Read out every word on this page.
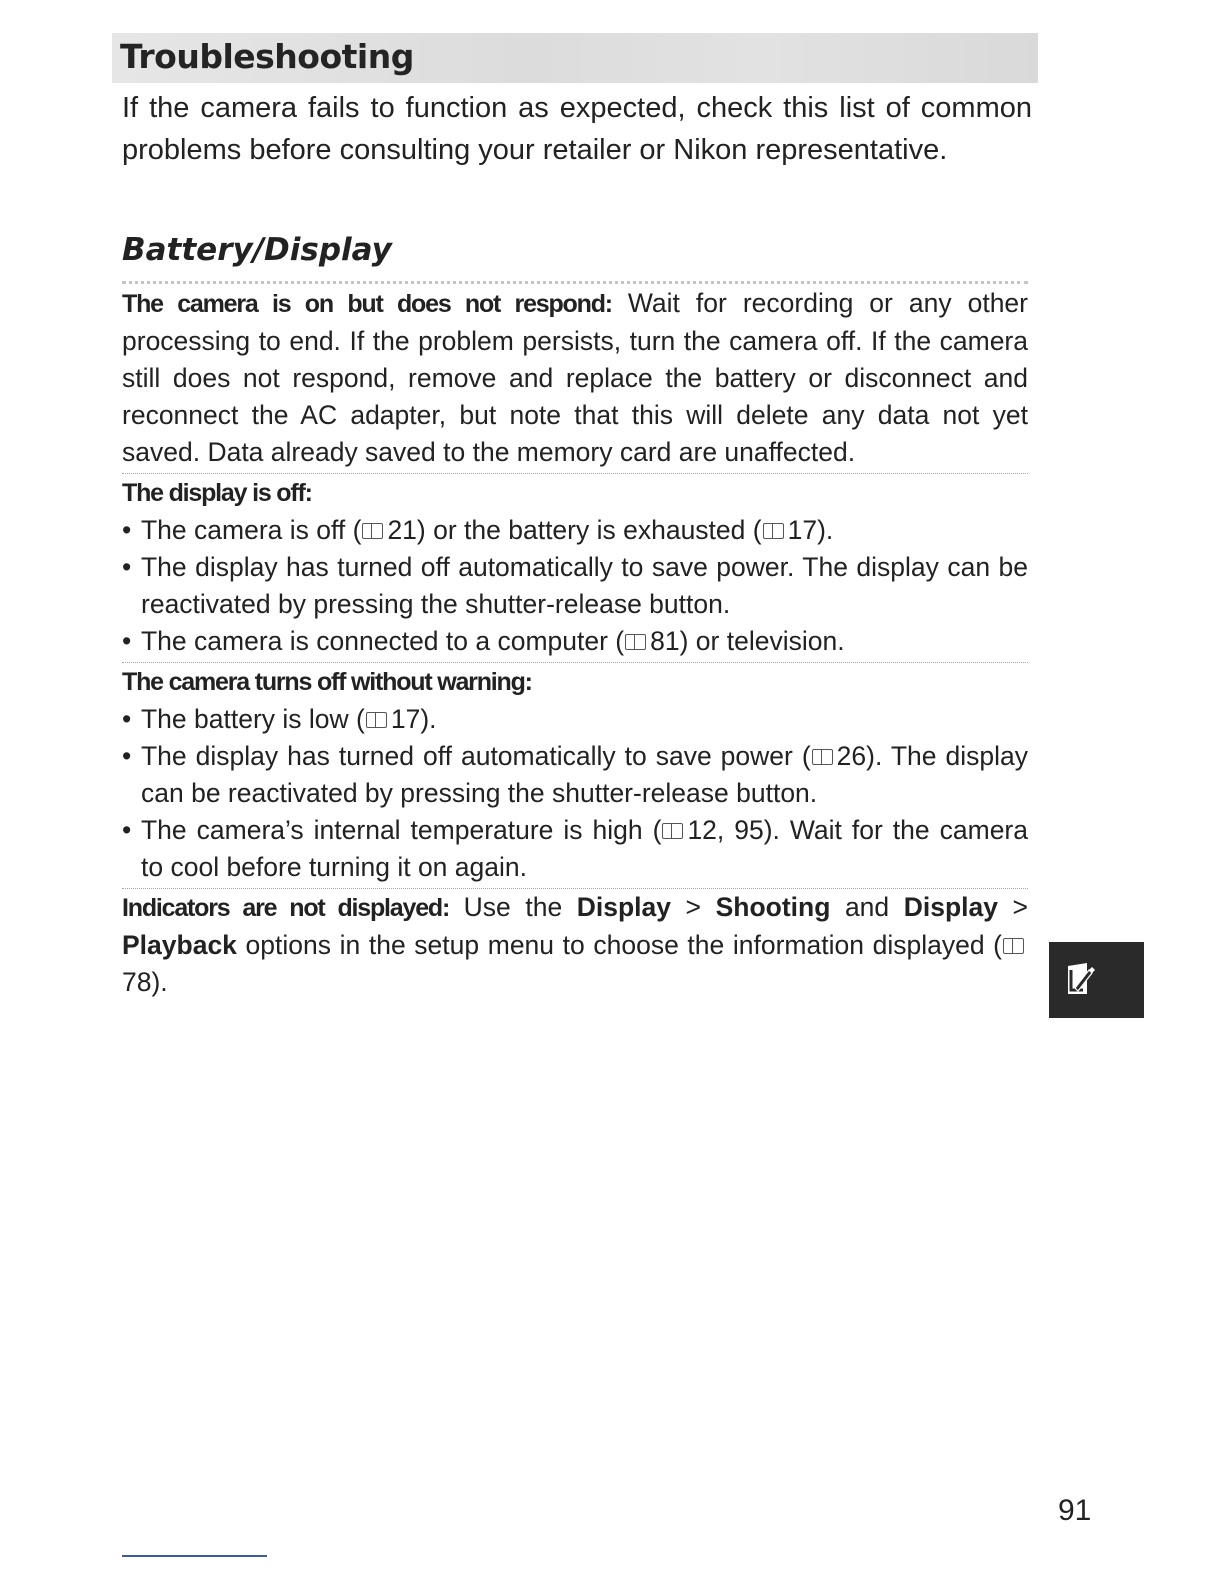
Troubleshooting

If the camera fails to function as expected, check this list of common problems before consulting your retailer or Nikon representative.

Battery/Display

The camera is on but does not respond: Wait for recording or any other processing to end. If the problem persists, turn the camera off. If the camera still does not respond, remove and replace the battery or disconnect and reconnect the AC adapter, but note that this will delete any data not yet saved. Data already saved to the memory card are unaffected.

The display is off:

• The camera is off ( 21) or the battery is exhausted ( 17).
• The display has turned off automatically to save power. The display can be reactivated by pressing the shutter-release button.
• The camera is connected to a computer ( 81) or television.

The camera turns off without warning:

• The battery is low ( 17).
• The display has turned off automatically to save power ( 26). The display can be reactivated by pressing the shutter-release button.
• The camera’s internal temperature is high ( 12, 95). Wait for the camera to cool before turning it on again.

Indicators are not displayed: Use the Display > Shooting and Display > Playback options in the setup menu to choose the information displayed (78).

91
